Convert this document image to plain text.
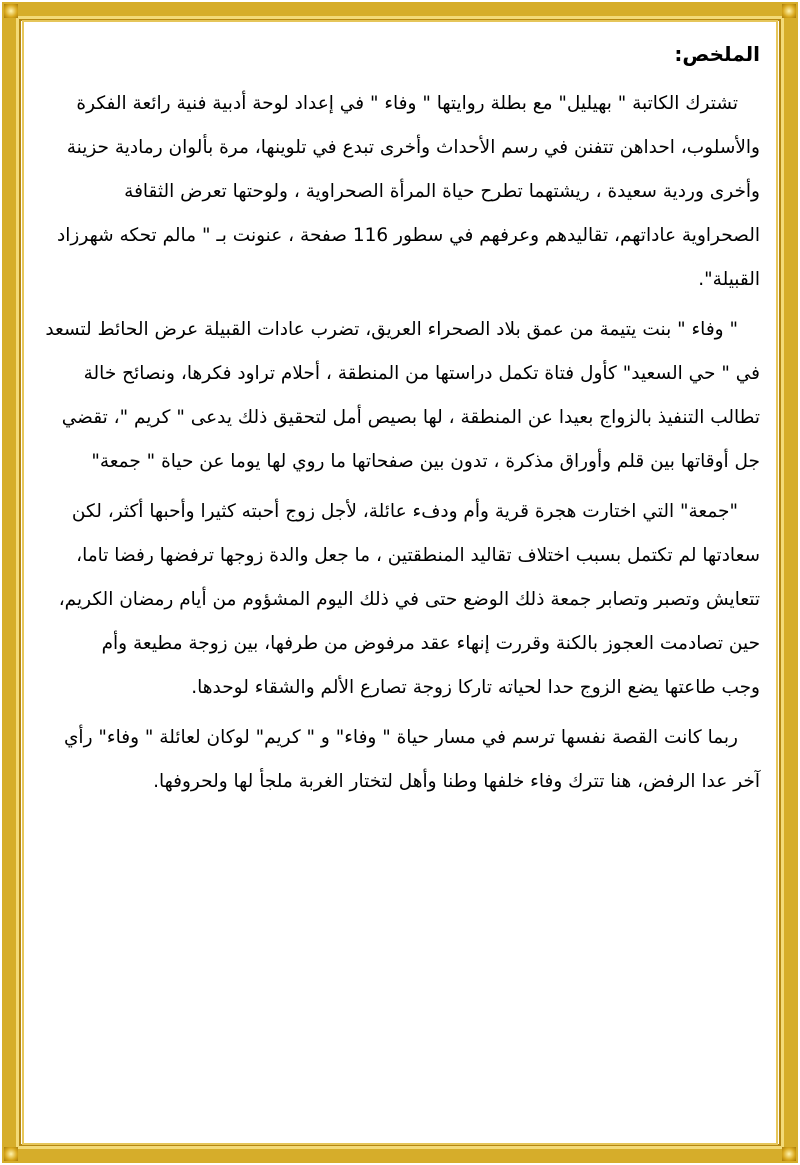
الملخص:
تشترك الكاتبة " بهيليل" مع بطلة روايتها " وفاء " في إعداد لوحة أدبية فنية رائعة الفكرة
والأسلوب، احداهن تتفنن في رسم الأحداث وأخرى تبدع في تلوينها، مرة بألوان رمادية حزينة
وأخرى وردية سعيدة ، ريشتهما تطرح حياة المرأة الصحراوية ، ولوحتها تعرض الثقافة
الصحراوية عاداتهم، تقاليدهم وعرفهم في سطور 116 صفحة ، عنونت بـ " مالم تحكه شهرزاد
القبيلة".
" وفاء " بنت يتيمة من عمق بلاد الصحراء العريق، تضرب عادات القبيلة عرض الحائط لتسعد
في " حي السعيد" كأول فتاة تكمل دراستها من المنطقة ، أحلام تراود فكرها، ونصائح خالة
تطالب التنفيذ بالزواج بعيدا عن المنطقة ، لها بصيص أمل لتحقيق ذلك يدعى " كريم "، تقضي
جل أوقاتها بين قلم وأوراق مذكرة ، تدون بين صفحاتها ما روي لها يوما عن حياة " جمعة"
"جمعة" التي اختارت هجرة قرية وأم ودفء عائلة، لأجل زوج أحبته كثيرا وأحبها أكثر، لكن
سعادتها لم تكتمل بسبب اختلاف تقاليد المنطقتين ، ما جعل والدة زوجها ترفضها رفضا تاما،
تتعايش وتصبر وتصابر جمعة ذلك الوضع حتى في ذلك اليوم المشؤوم من أيام رمضان الكريم،
حين تصادمت العجوز بالكنة وقررت إنهاء عقد مرفوض من طرفها، بين زوجة مطيعة وأم
وجب طاعتها يضع الزوج حدا لحياته تاركا زوجة تصارع الألم والشقاء لوحدها.
ربما كانت القصة نفسها ترسم في مسار حياة " وفاء" و " كريم" لوكان لعائلة " وفاء" رأي
آخر عدا الرفض، هنا تترك وفاء خلفها وطنا وأهل لتختار الغربة ملجأ لها ولحروفها.
